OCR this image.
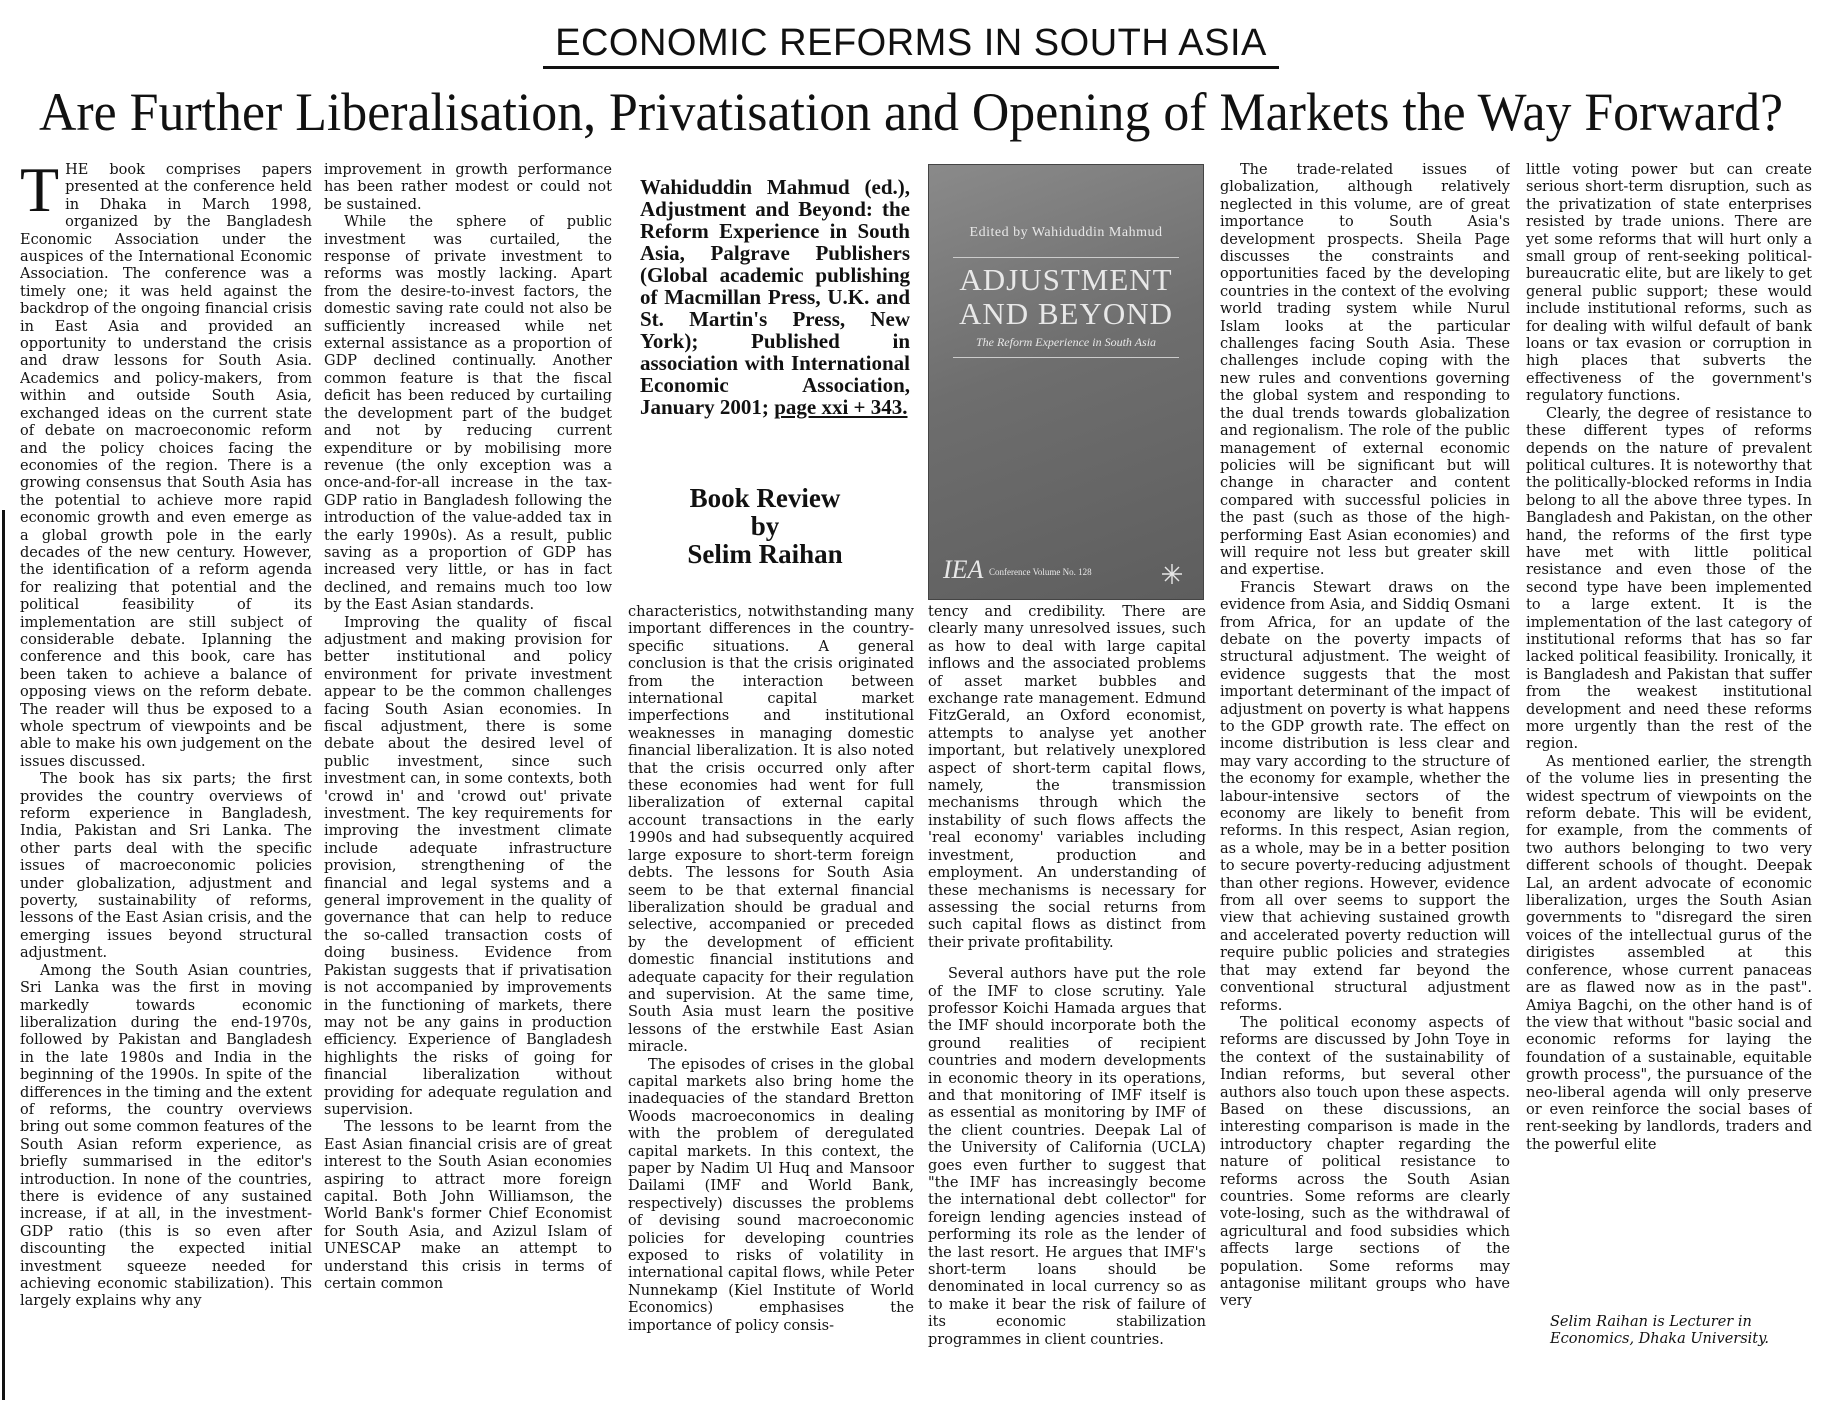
ECONOMIC REFORMS IN SOUTH ASIA
Are Further Liberalisation, Privatisation and Opening of Markets the Way Forward?

THE book comprises papers presented at the conference held in Dhaka in March 1998, organized by the Bangladesh Economic Association under the auspices of the International Economic Association. The conference was a timely one; it was held against the backdrop of the ongoing financial crisis in East Asia and provided an opportunity to understand the crisis and draw lessons for South Asia. Academics and policy-makers, from within and outside South Asia, exchanged ideas on the current state of debate on macroeconomic reform and the policy choices facing the economies of the region. There is a growing consensus that South Asia has the potential to achieve more rapid economic growth and even emerge as a global growth pole in the early decades of the new century. However, the identification of a reform agenda for realizing that potential and the political feasibility of its implementation are still subject of considerable debate. Iplanning the conference and this book, care has been taken to achieve a balance of opposing views on the reform debate. The reader will thus be exposed to a whole spectrum of viewpoints and be able to make his own judgement on the issues discussed.

The book has six parts; the first provides the country overviews of reform experience in Bangladesh, India, Pakistan and Sri Lanka. The other parts deal with the specific issues of macroeconomic policies under globalization, adjustment and poverty, sustainability of reforms, lessons of the East Asian crisis, and the emerging issues beyond structural adjustment.

Among the South Asian countries, Sri Lanka was the first in moving markedly towards economic liberalization during the end-1970s, followed by Pakistan and Bangladesh in the late 1980s and India in the beginning of the 1990s. In spite of the differences in the timing and the extent of reforms, the country overviews bring out some common features of the South Asian reform experience, as briefly summarised in the editor's introduction. In none of the countries, there is evidence of any sustained increase, if at all, in the investment-GDP ratio (this is so even after discounting the expected initial investment squeeze needed for achieving economic stabilization). This largely explains why any

improvement in growth performance has been rather modest or could not be sustained.

While the sphere of public investment was curtailed, the response of private investment to reforms was mostly lacking. Apart from the desire-to-invest factors, the domestic saving rate could not also be sufficiently increased while net external assistance as a proportion of GDP declined continually. Another common feature is that the fiscal deficit has been reduced by curtailing the development part of the budget and not by reducing current expenditure or by mobilising more revenue (the only exception was a once-and-for-all increase in the tax-GDP ratio in Bangladesh following the introduction of the value-added tax in the early 1990s). As a result, public saving as a proportion of GDP has increased very little, or has in fact declined, and remains much too low by the East Asian standards.

Improving the quality of fiscal adjustment and making provision for better institutional and policy environment for private investment appear to be the common challenges facing South Asian economies. In fiscal adjustment, there is some debate about the desired level of public investment, since such investment can, in some contexts, both 'crowd in' and 'crowd out' private investment. The key requirements for improving the investment climate include adequate infrastructure provision, strengthening of the financial and legal systems and a general improvement in the quality of governance that can help to reduce the so-called transaction costs of doing business. Evidence from Pakistan suggests that if privatisation is not accompanied by improvements in the functioning of markets, there may not be any gains in production efficiency. Experience of Bangladesh highlights the risks of going for financial liberalization without providing for adequate regulation and supervision.

The lessons to be learnt from the East Asian financial crisis are of great interest to the South Asian economies aspiring to attract more foreign capital. Both John Williamson, the World Bank's former Chief Economist for South Asia, and Azizul Islam of UNESCAP make an attempt to understand this crisis in terms of certain common

Wahiduddin Mahmud (ed.), Adjustment and Beyond: the Reform Experience in South Asia, Palgrave Publishers (Global academic publishing of Macmillan Press, U.K. and St. Martin's Press, New York); Published in association with International Economic Association, January 2001; page xxi + 343.
Book Review
by
Selim Raihan
Edited by Wahiduddin Mahmud
ADJUSTMENT
AND BEYOND
The Reform Experience in South Asia
IEA Conference Volume No. 128

characteristics, notwithstanding many important differences in the country-specific situations. A general conclusion is that the crisis originated from the interaction between international capital market imperfections and institutional weaknesses in managing domestic financial liberalization. It is also noted that the crisis occurred only after these economies had went for full liberalization of external capital account transactions in the early 1990s and had subsequently acquired large exposure to short-term foreign debts. The lessons for South Asia seem to be that external financial liberalization should be gradual and selective, accompanied or preceded by the development of efficient domestic financial institutions and adequate capacity for their regulation and supervision. At the same time, South Asia must learn the positive lessons of the erstwhile East Asian miracle.

The episodes of crises in the global capital markets also bring home the inadequacies of the standard Bretton Woods macroeconomics in dealing with the problem of deregulated capital markets. In this context, the paper by Nadim Ul Huq and Mansoor Dailami (IMF and World Bank, respectively) discusses the problems of devising sound macroeconomic policies for developing countries exposed to risks of volatility in international capital flows, while Peter Nunnekamp (Kiel Institute of World Economics) emphasises the importance of policy consis-

tency and credibility. There are clearly many unresolved issues, such as how to deal with large capital inflows and the associated problems of asset market bubbles and exchange rate management. Edmund FitzGerald, an Oxford economist, attempts to analyse yet another important, but relatively unexplored aspect of short-term capital flows, namely, the transmission mechanisms through which the instability of such flows affects the 'real economy' variables including investment, production and employment. An understanding of these mechanisms is necessary for assessing the social returns from such capital flows as distinct from their private profitability.

Several authors have put the role of the IMF to close scrutiny. Yale professor Koichi Hamada argues that the IMF should incorporate both the ground realities of recipient countries and modern developments in economic theory in its operations, and that monitoring of IMF itself is as essential as monitoring by IMF of the client countries. Deepak Lal of the University of California (UCLA) goes even further to suggest that "the IMF has increasingly become the international debt collector" for foreign lending agencies instead of performing its role as the lender of the last resort. He argues that IMF's short-term loans should be denominated in local currency so as to make it bear the risk of failure of its economic stabilization programmes in client countries.

The trade-related issues of globalization, although relatively neglected in this volume, are of great importance to South Asia's development prospects. Sheila Page discusses the constraints and opportunities faced by the developing countries in the context of the evolving world trading system while Nurul Islam looks at the particular challenges facing South Asia. These challenges include coping with the new rules and conventions governing the global system and responding to the dual trends towards globalization and regionalism. The role of the public management of external economic policies will be significant but will change in character and content compared with successful policies in the past (such as those of the high-performing East Asian economies) and will require not less but greater skill and expertise.

Francis Stewart draws on the evidence from Asia, and Siddiq Osmani from Africa, for an update of the debate on the poverty impacts of structural adjustment. The weight of evidence suggests that the most important determinant of the impact of adjustment on poverty is what happens to the GDP growth rate. The effect on income distribution is less clear and may vary according to the structure of the economy for example, whether the labour-intensive sectors of the economy are likely to benefit from reforms. In this respect, Asian region, as a whole, may be in a better position to secure poverty-reducing adjustment than other regions. However, evidence from all over seems to support the view that achieving sustained growth and accelerated poverty reduction will require public policies and strategies that may extend far beyond the conventional structural adjustment reforms.

The political economy aspects of reforms are discussed by John Toye in the context of the sustainability of Indian reforms, but several other authors also touch upon these aspects. Based on these discussions, an interesting comparison is made in the introductory chapter regarding the nature of political resistance to reforms across the South Asian countries. Some reforms are clearly vote-losing, such as the withdrawal of agricultural and food subsidies which affects large sections of the population. Some reforms may antagonise militant groups who have very

little voting power but can create serious short-term disruption, such as the privatization of state enterprises resisted by trade unions. There are yet some reforms that will hurt only a small group of rent-seeking political-bureaucratic elite, but are likely to get general public support; these would include institutional reforms, such as for dealing with wilful default of bank loans or tax evasion or corruption in high places that subverts the effectiveness of the government's regulatory functions.

Clearly, the degree of resistance to these different types of reforms depends on the nature of prevalent political cultures. It is noteworthy that the politically-blocked reforms in India belong to all the above three types. In Bangladesh and Pakistan, on the other hand, the reforms of the first type have met with little political resistance and even those of the second type have been implemented to a large extent. It is the implementation of the last category of institutional reforms that has so far lacked political feasibility. Ironically, it is Bangladesh and Pakistan that suffer from the weakest institutional development and need these reforms more urgently than the rest of the region.

As mentioned earlier, the strength of the volume lies in presenting the widest spectrum of viewpoints on the reform debate. This will be evident, for example, from the comments of two authors belonging to two very different schools of thought. Deepak Lal, an ardent advocate of economic liberalization, urges the South Asian governments to "disregard the siren voices of the intellectual gurus of the dirigistes assembled at this conference, whose current panaceas are as flawed now as in the past". Amiya Bagchi, on the other hand is of the view that without "basic social and economic reforms for laying the foundation of a sustainable, equitable growth process", the pursuance of the neo-liberal agenda will only preserve or even reinforce the social bases of rent-seeking by landlords, traders and the powerful elite

Selim Raihan is Lecturer in Economics, Dhaka University.
